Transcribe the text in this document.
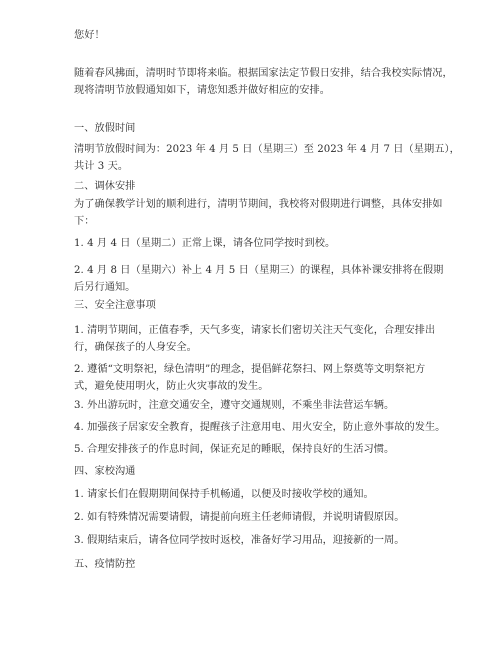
您好！
随着春风拂面，清明时节即将来临。根据国家法定节假日安排，结合我校实际情况，
现将清明节放假通知如下，请您知悉并做好相应的安排。
一、放假时间
清明节放假时间为：2023 年 4 月 5 日（星期三）至 2023 年 4 月 7 日（星期五），
共计 3 天。
二、调休安排
为了确保教学计划的顺利进行，清明节期间，我校将对假期进行调整，具体安排如
下：
1. 4 月 4 日（星期二）正常上课，请各位同学按时到校。
2. 4 月 8 日（星期六）补上 4 月 5 日（星期三）的课程，具体补课安排将在假期
后另行通知。
三、安全注意事项
1. 清明节期间，正值春季，天气多变，请家长们密切关注天气变化，合理安排出
行，确保孩子的人身安全。
2. 遵循“文明祭祀，绿色清明”的理念，提倡鲜花祭扫、网上祭奠等文明祭祀方
式，避免使用明火，防止火灾事故的发生。
3. 外出游玩时，注意交通安全，遵守交通规则，不乘坐非法营运车辆。
4. 加强孩子居家安全教育，提醒孩子注意用电、用火安全，防止意外事故的发生。
5. 合理安排孩子的作息时间，保证充足的睡眠，保持良好的生活习惯。
四、家校沟通
1. 请家长们在假期期间保持手机畅通，以便及时接收学校的通知。
2. 如有特殊情况需要请假，请提前向班主任老师请假，并说明请假原因。
3. 假期结束后，请各位同学按时返校，准备好学习用品，迎接新的一周。
五、疫情防控
